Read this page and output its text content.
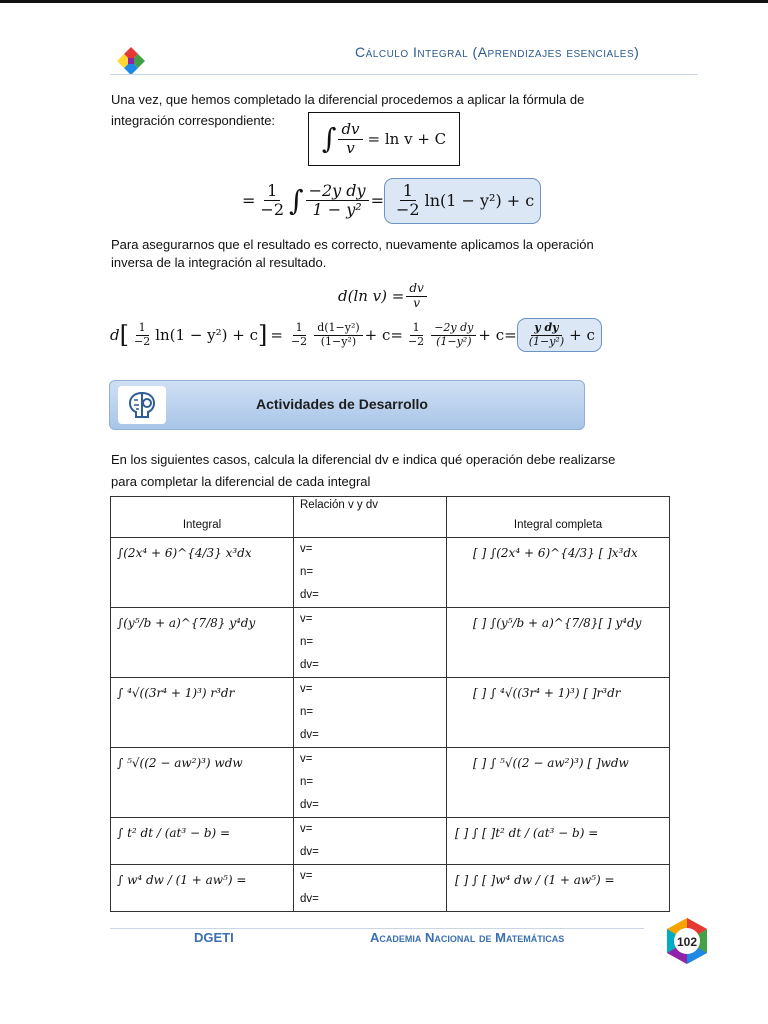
Cálculo Integral (Aprendizajes esenciales)
Una vez, que hemos completado la diferencial procedemos a aplicar la fórmula de
integración correspondiente:
∫ $\frac{dv}{v} = \ln v + C$
= $\frac{1}{-2}$ ∫ $\frac{\text{−2y dy}}{\text{1 − y²}} = \frac{1}{-2} \ln(1 - y^2) + c$
Para asegurarnos que el resultado es correcto, nuevamente aplicamos la operación
inversa de la integración al resultado.
d(ln $v) = \frac{dv}{v}$
d [ $\frac{1}{-2} \ln(1 - y^2) + c$ ] = $\frac{1}{-2} \frac{\text{d(1−y²)}}{\text{(1−y²)}} + c= \frac{1}{-2} \frac{\text{−2y dy}}{\text{(1−y²)}} + c= \frac{\text{y dy}}{\text{(1−y²)}} + c$
Actividades de Desarrollo
En los siguientes casos, calcula la diferencial dv e indica qué operación debe realizarse
para completar la diferencial de cada integral
Integral	Relación v y dv	Integral completa
∫(2x⁴ + 6)^{4/3} x³dx	v=
n=
dv=	[ ] ∫(2x⁴ + 6)^{4/3} [ ]x³dx
∫(y⁵/b + a)^{7/8} y⁴dy	v=
n=
dv=	[ ] ∫(y⁵/b + a)^{7/8}[ ] y⁴dy
∫ ⁴√((3r⁴ + 1)³) r³dr	v=
n=
dv=	[ ] ∫ ⁴√((3r⁴ + 1)³) [ ]r³dr
∫ ⁵√((2 − aw²)³) wdw	v=
n=
dv=	[ ] ∫ ⁵√((2 − aw²)³) [ ]wdw
∫ t² dt / (at³ − b) =	v=
dv=	[ ] ∫ [ ]t² dt / (at³ − b) =
∫ w⁴ dw / (1 + aw⁵) =	v=
dv=	[ ] ∫ [ ]w⁴ dw / (1 + aw⁵) =
DGETI	Academia Nacional de Matemáticas	102
